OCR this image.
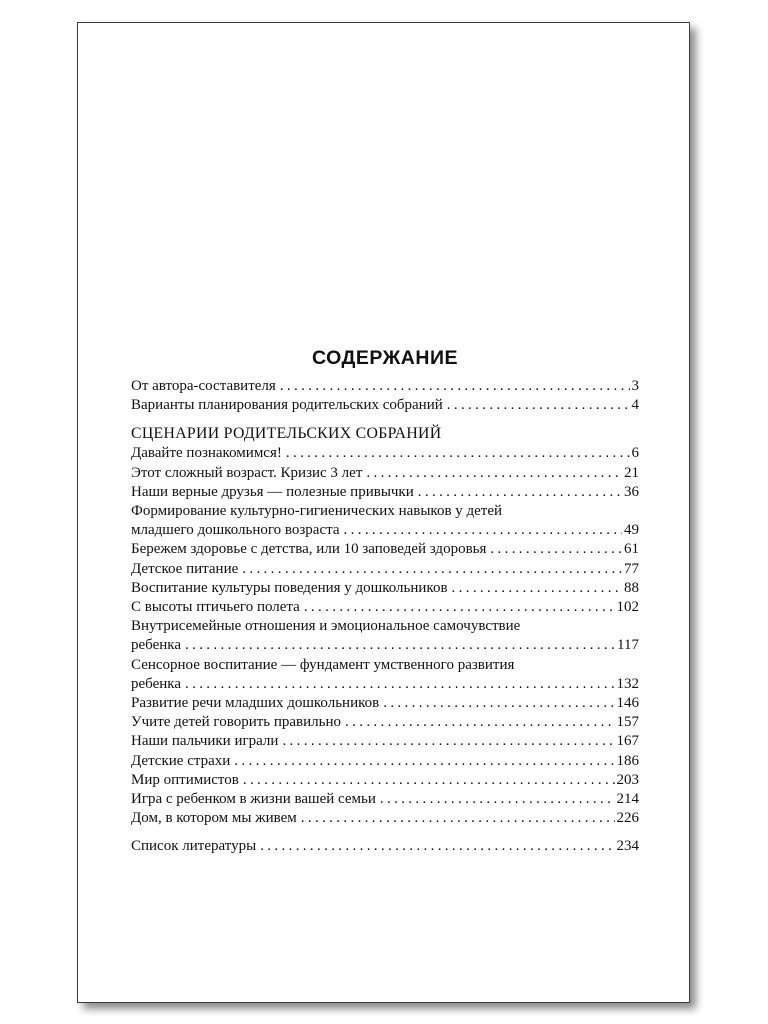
СОДЕРЖАНИЕ
От автора-составителя . . .	3
Варианты планирования родительских собраний . . .	4
СЦЕНАРИИ РОДИТЕЛЬСКИХ СОБРАНИЙ
Давайте познакомимся! . . .	6
Этот сложный возраст. Кризис 3 лет . . .	21
Наши верные друзья — полезные привычки . . .	36
Формирование культурно-гигиенических навыков у детей
младшего дошкольного возраста . . .	49
Бережем здоровье с детства, или 10 заповедей здоровья . . .	61
Детское питание . . .	77
Воспитание культуры поведения у дошкольников . . .	88
С высоты птичьего полета . . .	102
Внутрисемейные отношения и эмоциональное самочувствие
ребенка . . .	117
Сенсорное воспитание — фундамент умственного развития
ребенка . . .	132
Развитие речи младших дошкольников . . .	146
Учите детей говорить правильно . . .	157
Наши пальчики играли . . .	167
Детские страхи . . .	186
Мир оптимистов . . .	203
Игра с ребенком в жизни вашей семьи . . .	214
Дом, в котором мы живем . . .	226
Список литературы . . .	234
